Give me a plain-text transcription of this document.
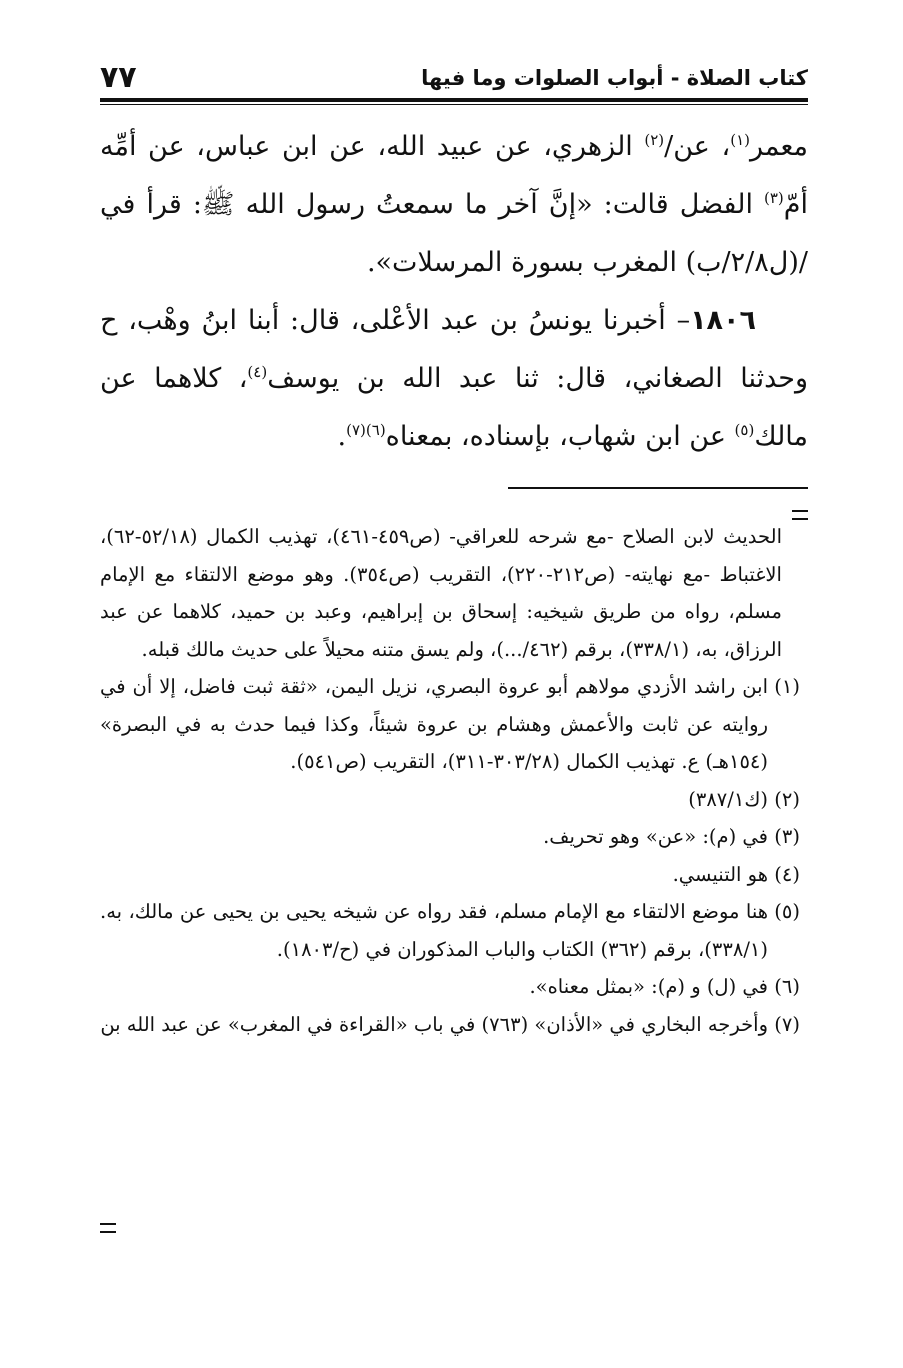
٧٧	كتاب الصلاة - أبواب الصلوات وما فيها

معمر$^{(١)}$، عن/$^{(٢)}$ الزهري، عن عبيد الله، عن ابن عباس، عن أمِّه أمّ$^{(٣)}$ الفضل قالت: «إنَّ آخر ما سمعتُ رسول الله ﷺ: قرأ في /(ل٢/٨/ب) المغرب بسورة المرسلات».

١٨٠٦– أخبرنا يونسُ بن عبد الأعْلى، قال: أبنا ابنُ وهْب، ح وحدثنا الصغاني، قال: ثنا عبد الله بن يوسف$^{(٤)}$، كلاهما عن مالك$^{(٥)}$ عن ابن شهاب، بإسناده، بمعناه$^{(٦)(٧)}$.

الحديث لابن الصلاح -مع شرحه للعراقي- (ص٤٥٩-٤٦١)، تهذيب الكمال (٥٢/١٨-٦٢)، الاغتباط -مع نهايته- (ص٢١٢-٢٢٠)، التقريب (ص٣٥٤). وهو موضع الالتقاء مع الإمام مسلم، رواه من طريق شيخيه: إسحاق بن إبراهيم، وعبد بن حميد، كلاهما عن عبد الرزاق، به، (٣٣٨/١)، برقم (٤٦٢/...)، ولم يسق متنه محيلاً على حديث مالك قبله.

(١)ابن راشد الأزدي مولاهم أبو عروة البصري، نزيل اليمن، «ثقة ثبت فاضل، إلا أن في روايته عن ثابت والأعمش وهشام بن عروة شيئاً، وكذا فيما حدث به في البصرة» (١٥٤هـ) ع. تهذيب الكمال (٣٠٣/٢٨-٣١١)، التقريب (ص٥٤١).

(٢)(ك٣٨٧/١)

(٣)في (م): «عن» وهو تحريف.

(٤)هو التنيسي.

(٥)هنا موضع الالتقاء مع الإمام مسلم، فقد رواه عن شيخه يحيى بن يحيى عن مالك، به. (٣٣٨/١)، برقم (٣٦٢) الكتاب والباب المذكوران في (ح/١٨٠٣).

(٦)في (ل) و (م): «بمثل معناه».

(٧)وأخرجه البخاري في «الأذان» (٧٦٣) في باب «القراءة في المغرب» عن عبد الله بن
